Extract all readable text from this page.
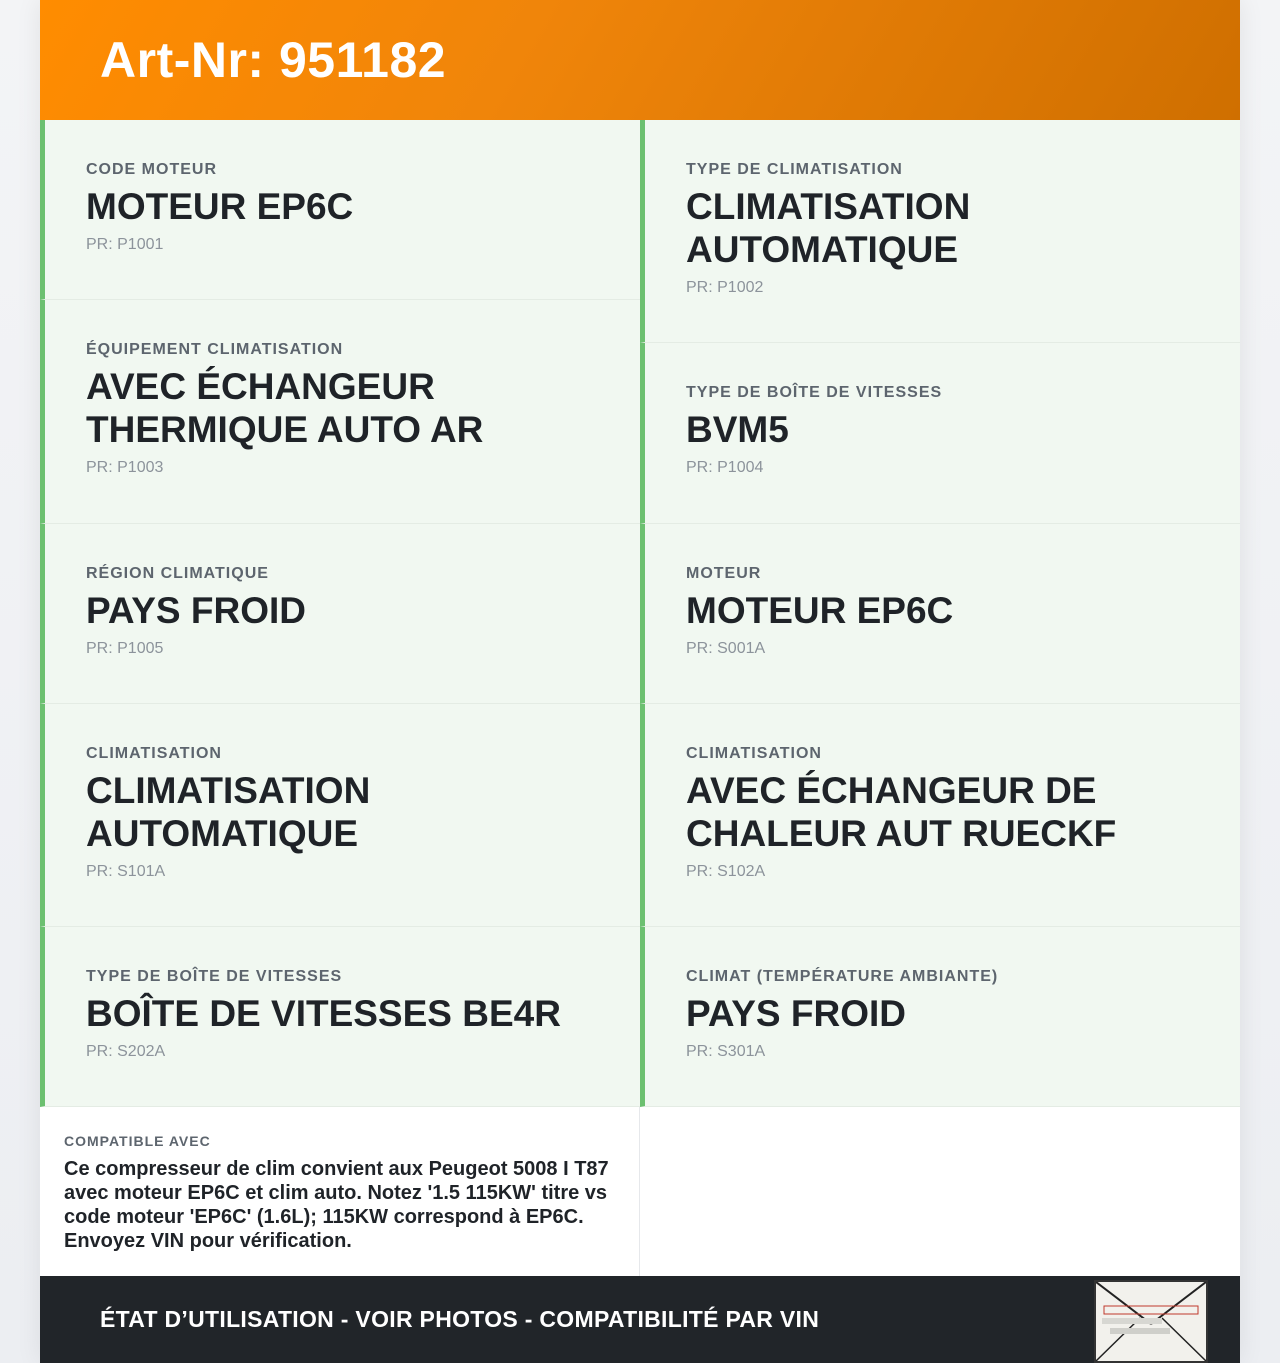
Art-Nr: 951182
CODE MOTEUR
MOTEUR EP6C
PR: P1001
ÉQUIPEMENT CLIMATISATION
AVEC ÉCHANGEUR THERMIQUE AUTO AR
PR: P1003
RÉGION CLIMATIQUE
PAYS FROID
PR: P1005
CLIMATISATION
CLIMATISATION AUTOMATIQUE
PR: S101A
TYPE DE BOÎTE DE VITESSES
BOÎTE DE VITESSES BE4R
PR: S202A
TYPE DE CLIMATISATION
CLIMATISATION AUTOMATIQUE
PR: P1002
TYPE DE BOÎTE DE VITESSES
BVM5
PR: P1004
MOTEUR
MOTEUR EP6C
PR: S001A
CLIMATISATION
AVEC ÉCHANGEUR DE CHALEUR AUT RUECKF
PR: S102A
CLIMAT (TEMPÉRATURE AMBIANTE)
PAYS FROID
PR: S301A
COMPATIBLE AVEC
Ce compresseur de clim convient aux Peugeot 5008 I T87 avec moteur EP6C et clim auto. Notez '1.5 115KW' titre vs code moteur 'EP6C' (1.6L); 115KW correspond à EP6C. Envoyez VIN pour vérification.
ÉTAT D’UTILISATION - VOIR PHOTOS - COMPATIBILITÉ PAR VIN
